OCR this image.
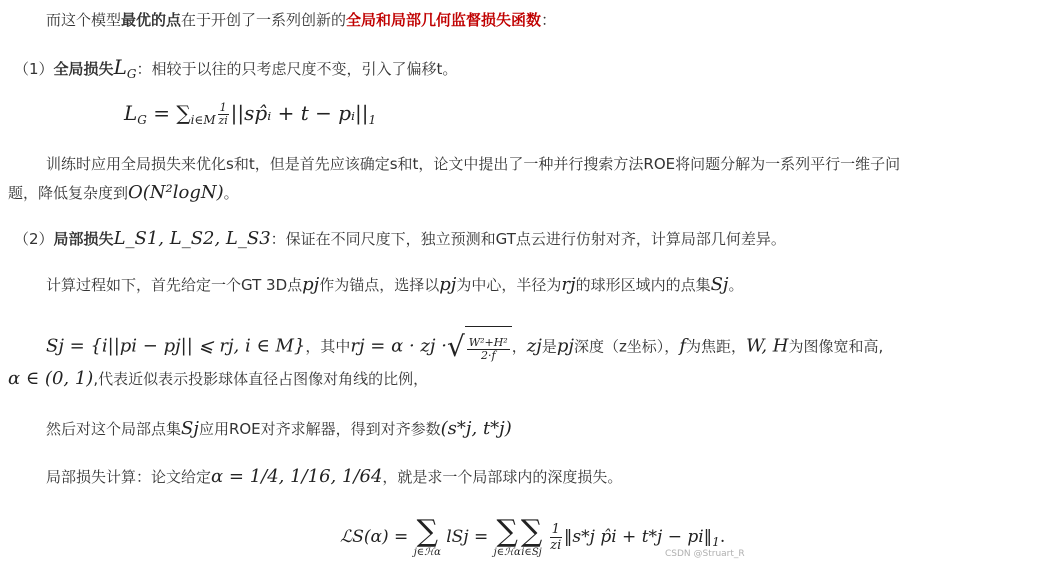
而这个模型最优的点在于开创了一系列创新的全局和局部几何监督损失函数：
（1）全局损失$L_G$：相较于以往的只考虑尺度不变，引入了偏移t。
$L_G = \sum_{i\in M} \frac{1}{zi}$ ||sp̂ᵢ + $t - pᵢ||_1$
训练时应用全局损失来优化s和t，但是首先应该确定s和t，论文中提出了一种并行搜索方法ROE将问题分解为一系列平行一维子问
题，降低复杂度到O(N²logN)。
（2）局部损失L_S1, L_S2, L_S3：保证在不同尺度下，独立预测和GT点云进行仿射对齐，计算局部几何差异。
计算过程如下，首先给定一个GT 3D点pj作为锚点，选择以pj为中心，半径为rj的球形区域内的点集Sj。
Sj = {i||pi − pj|| ⩽ rj, i ∈ M}，其中rj = α · zj ·√ $\frac{\text{W²+H²}}{2\cdot f}$ ，zj是pj深度（z坐标），f为焦距，W, H为图像宽和高,
α ∈ (0, 1),代表近似表示投影球体直径占图像对角线的比例，
然后对这个局部点集Sj应用ROE对齐求解器，得到对齐参数(s*j, t*j)
局部损失计算：论文给定α = 1/4, 1/16, 1/64，就是求一个局部球内的深度损失。
ℒS(α) = ∑
j∈ℋα
lSj = ∑
j∈ℋα
∑
i∈Sj
$\frac{1}{zi}$ ‖s*j p̂i + $t*j - pi‖_1$.
CSDN @Struart_R
